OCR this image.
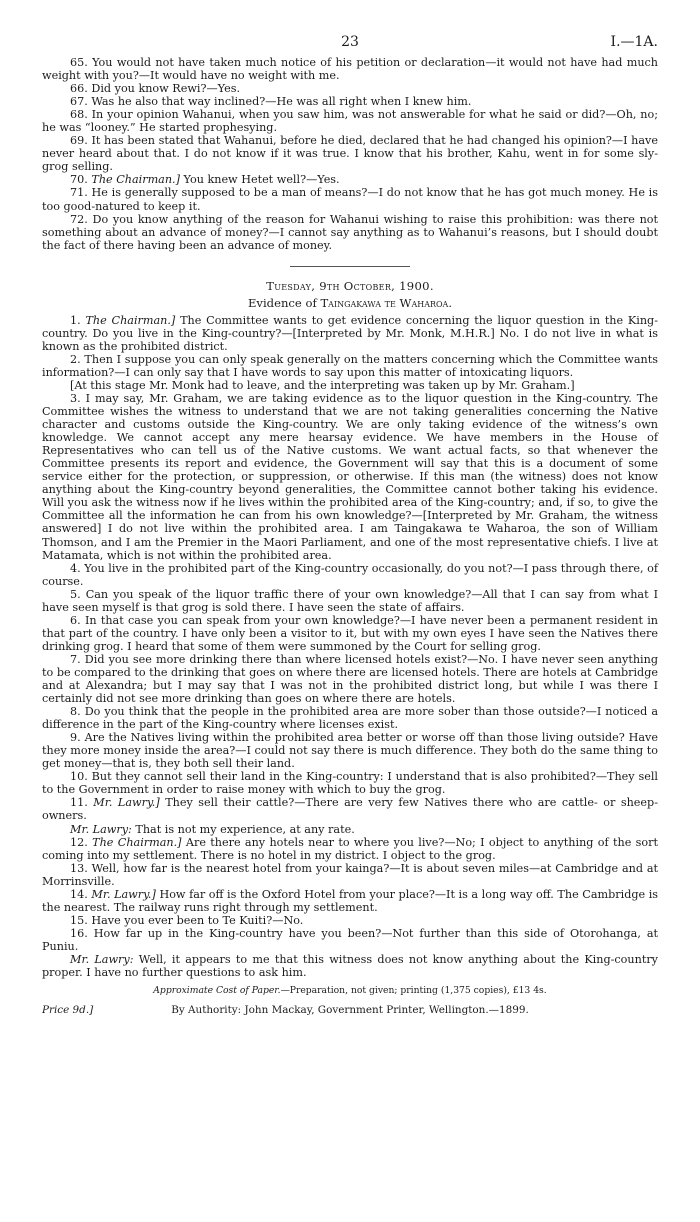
23	I.—1A.

65. You would not have taken much notice of his petition or declaration—it would not have had much weight with you?—It would have no weight with me.

66. Did you know Rewi?—Yes.

67. Was he also that way inclined?—He was all right when I knew him.

68. In your opinion Wahanui, when you saw him, was not answerable for what he said or did?—Oh, no; he was “looney.” He started prophesying.

69. It has been stated that Wahanui, before he died, declared that he had changed his opinion?—I have never heard about that. I do not know if it was true. I know that his brother, Kahu, went in for some sly-grog selling.

70. The Chairman.] You knew Hetet well?—Yes.

71. He is generally supposed to be a man of means?—I do not know that he has got much money. He is too good-natured to keep it.

72. Do you know anything of the reason for Wahanui wishing to raise this prohibition: was there not something about an advance of money?—I cannot say anything as to Wahanui’s reasons, but I should doubt the fact of there having been an advance of money.

Tuesday, 9th October, 1900.
Evidence of Taingakawa te Waharoa.

1. The Chairman.] The Committee wants to get evidence concerning the liquor question in the King-country. Do you live in the King-country?—[Interpreted by Mr. Monk, M.H.R.] No. I do not live in what is known as the prohibited district.

2. Then I suppose you can only speak generally on the matters concerning which the Committee wants information?—I can only say that I have words to say upon this matter of intoxicating liquors.

[At this stage Mr. Monk had to leave, and the interpreting was taken up by Mr. Graham.]

3. I may say, Mr. Graham, we are taking evidence as to the liquor question in the King-country. The Committee wishes the witness to understand that we are not taking generalities concerning the Native character and customs outside the King-country. We are only taking evidence of the witness’s own knowledge. We cannot accept any mere hearsay evidence. We have members in the House of Representatives who can tell us of the Native customs. We want actual facts, so that whenever the Committee presents its report and evidence, the Government will say that this is a document of some service either for the protection, or suppression, or otherwise. If this man (the witness) does not know anything about the King-country beyond generalities, the Committee cannot bother taking his evidence. Will you ask the witness now if he lives within the prohibited area of the King-country; and, if so, to give the Committee all the information he can from his own knowledge?—[Interpreted by Mr. Graham, the witness answered] I do not live within the prohibited area. I am Taingakawa te Waharoa, the son of William Thomson, and I am the Premier in the Maori Parliament, and one of the most representative chiefs. I live at Matamata, which is not within the prohibited area.

4. You live in the prohibited part of the King-country occasionally, do you not?—I pass through there, of course.

5. Can you speak of the liquor traffic there of your own knowledge?—All that I can say from what I have seen myself is that grog is sold there. I have seen the state of affairs.

6. In that case you can speak from your own knowledge?—I have never been a permanent resident in that part of the country. I have only been a visitor to it, but with my own eyes I have seen the Natives there drinking grog. I heard that some of them were summoned by the Court for selling grog.

7. Did you see more drinking there than where licensed hotels exist?—No. I have never seen anything to be compared to the drinking that goes on where there are licensed hotels. There are hotels at Cambridge and at Alexandra; but I may say that I was not in the prohibited district long, but while I was there I certainly did not see more drinking than goes on where there are hotels.

8. Do you think that the people in the prohibited area are more sober than those outside?—I noticed a difference in the part of the King-country where licenses exist.

9. Are the Natives living within the prohibited area better or worse off than those living outside? Have they more money inside the area?—I could not say there is much difference. They both do the same thing to get money—that is, they both sell their land.

10. But they cannot sell their land in the King-country: I understand that is also prohibited?—They sell to the Government in order to raise money with which to buy the grog.

11. Mr. Lawry.] They sell their cattle?—There are very few Natives there who are cattle- or sheep-owners.

Mr. Lawry: That is not my experience, at any rate.

12. The Chairman.] Are there any hotels near to where you live?—No; I object to anything of the sort coming into my settlement. There is no hotel in my district. I object to the grog.

13. Well, how far is the nearest hotel from your kainga?—It is about seven miles—at Cambridge and at Morrinsville.

14. Mr. Lawry.] How far off is the Oxford Hotel from your place?—It is a long way off. The Cambridge is the nearest. The railway runs right through my settlement.

15. Have you ever been to Te Kuiti?—No.

16. How far up in the King-country have you been?—Not further than this side of Otorohanga, at Puniu.

Mr. Lawry: Well, it appears to me that this witness does not know anything about the King-country proper. I have no further questions to ask him.

Approximate Cost of Paper.—Preparation, not given; printing (1,375 copies), £13 4s.
Price 9d.]	By Authority: John Mackay, Government Printer, Wellington.—1899.
